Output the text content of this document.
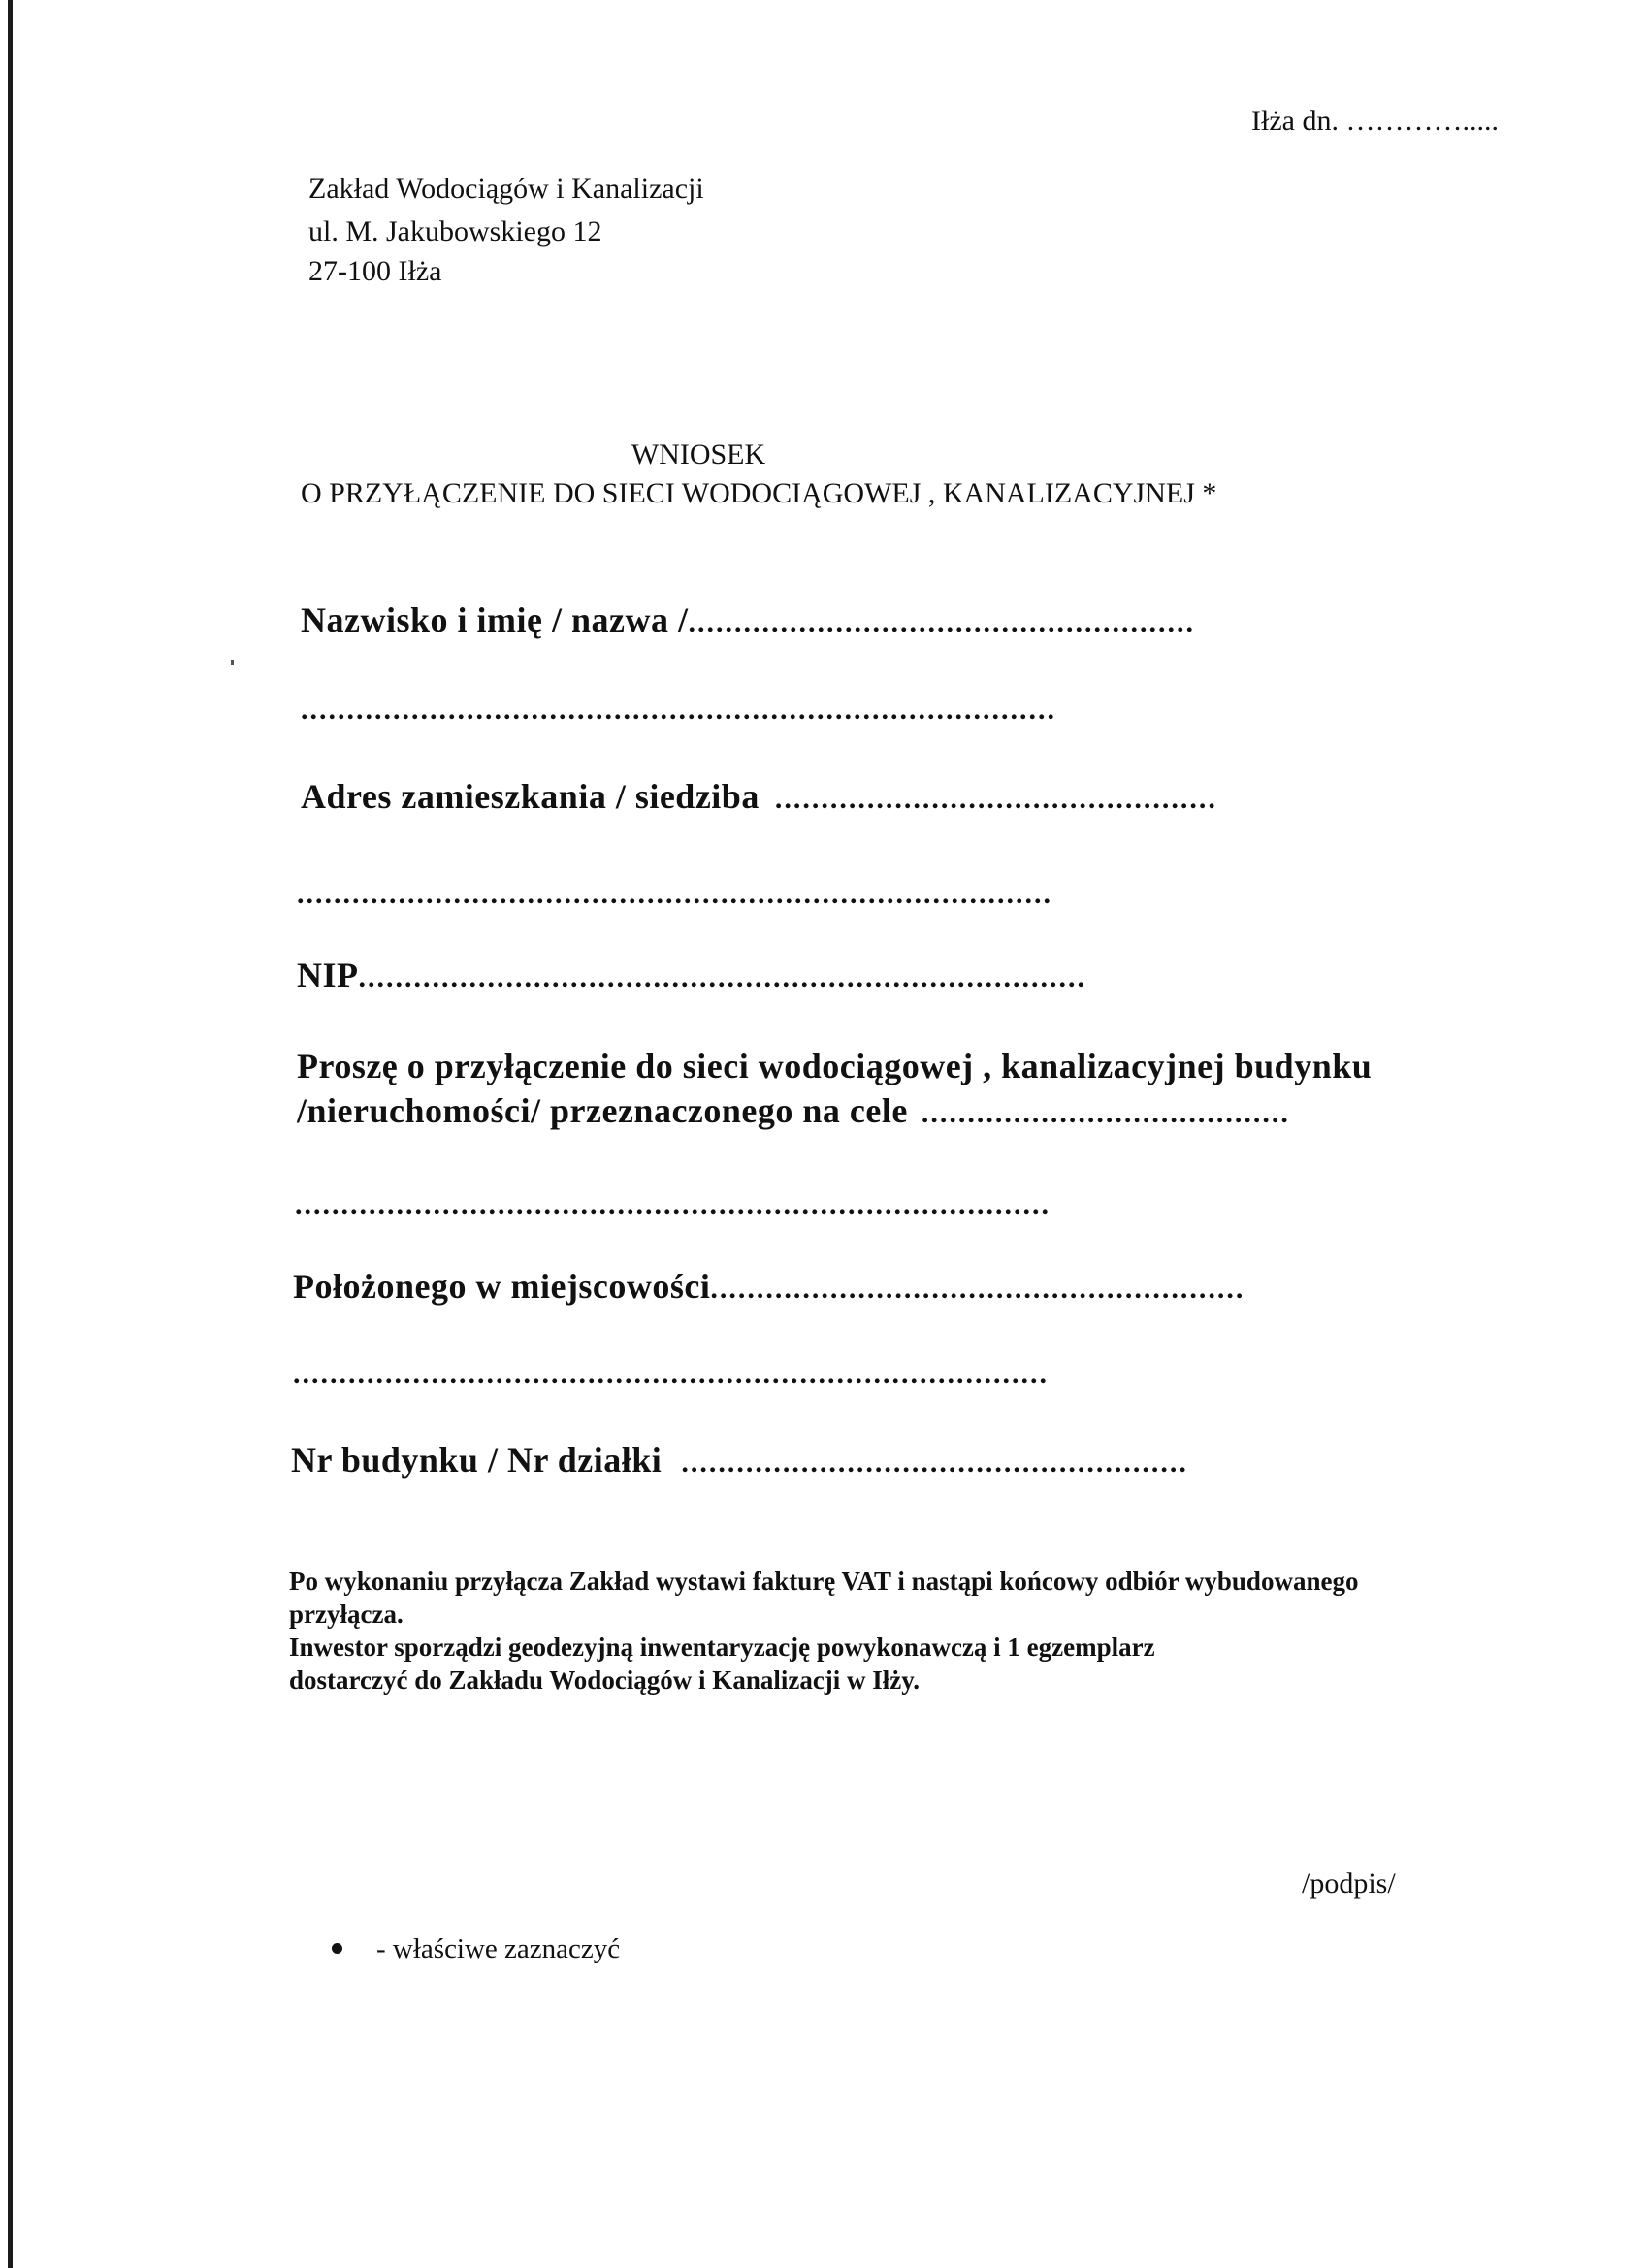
Iłża dn. ………….....
Zakład Wodociągów i Kanalizacji
ul. M. Jakubowskiego 12
27-100 Iłża
WNIOSEK
O PRZYŁĄCZENIE DO SIECI WODOCIĄGOWEJ , KANALIZACYJNEJ *
Nazwisko i imię / nazwa /.......................................................
..................................................................................
Adres zamieszkania / siedziba ................................................
..................................................................................
NIP...............................................................................
Proszę o przyłączenie do sieci wodociągowej , kanalizacyjnej budynku
/nieruchomości/ przeznaczonego na cele ........................................
..................................................................................
Położonego w miejscowości..........................................................
..................................................................................
Nr budynku / Nr działki .......................................................
Po wykonaniu przyłącza Zakład wystawi fakturę VAT i nastąpi końcowy odbiór wybudowanego
przyłącza.
Inwestor sporządzi geodezyjną inwentaryzację powykonawczą i 1 egzemplarz
dostarczyć do Zakładu Wodociągów i Kanalizacji w Iłży.
/podpis/
- właściwe zaznaczyć
